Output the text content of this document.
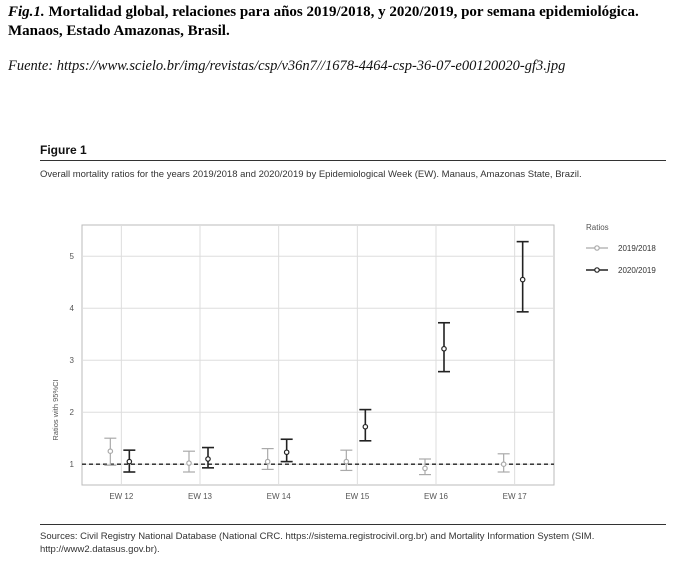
Fig.1. Mortalidad global, relaciones para años 2019/2018, y 2020/2019, por semana epidemiológica. Manaos, Estado Amazonas, Brasil.
Fuente: https://www.scielo.br/img/revistas/csp/v36n7//1678-4464-csp-36-07-e00120020-gf3.jpg
Figure 1
Overall mortality ratios for the years 2019/2018 and 2020/2019 by Epidemiological Week (EW). Manaus, Amazonas State, Brazil.
1
2
3
4
5
Ratios with 95%CI
EW 12	EW 13	EW 14	EW 15	EW 16	EW 17
Ratios
2019/2018
2020/2019
Sources: Civil Registry National Database (National CRC. https://sistema.registrocivil.org.br) and Mortality Information System (SIM. http://www2.datasus.gov.br).
